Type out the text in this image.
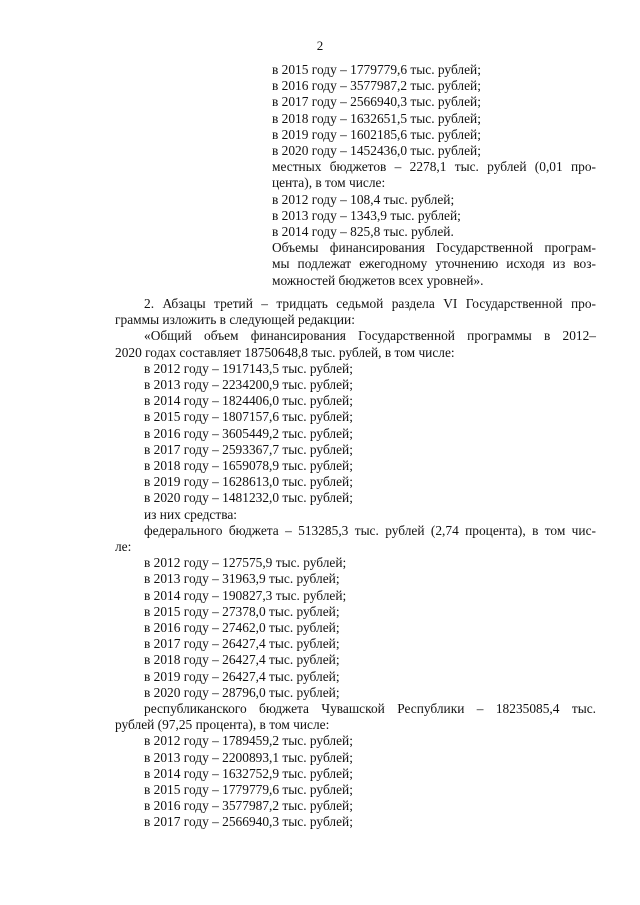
2
в 2015 году – 1779779,6 тыс. рублей;
в 2016 году – 3577987,2 тыс. рублей;
в 2017 году – 2566940,3 тыс. рублей;
в 2018 году – 1632651,5 тыс. рублей;
в 2019 году – 1602185,6 тыс. рублей;
в 2020 году – 1452436,0 тыс. рублей;
местных бюджетов – 2278,1 тыс. рублей (0,01 про-
цента), в том числе:
в 2012 году – 108,4 тыс. рублей;
в 2013 году – 1343,9 тыс. рублей;
в 2014 году – 825,8 тыс. рублей.
Объемы финансирования Государственной програм-
мы подлежат ежегодному уточнению исходя из воз-
можностей бюджетов всех уровней».
2. Абзацы третий – тридцать седьмой раздела VI Государственной про-
граммы изложить в следующей редакции:
«Общий объем финансирования Государственной программы в 2012–
2020 годах составляет 18750648,8 тыс. рублей, в том числе:
в 2012 году – 1917143,5 тыс. рублей;
в 2013 году – 2234200,9 тыс. рублей;
в 2014 году – 1824406,0 тыс. рублей;
в 2015 году – 1807157,6 тыс. рублей;
в 2016 году – 3605449,2 тыс. рублей;
в 2017 году – 2593367,7 тыс. рублей;
в 2018 году – 1659078,9 тыс. рублей;
в 2019 году – 1628613,0 тыс. рублей;
в 2020 году – 1481232,0 тыс. рублей;
из них средства:
федерального бюджета – 513285,3 тыс. рублей (2,74 процента), в том чис-
ле:
в 2012 году – 127575,9 тыс. рублей;
в 2013 году – 31963,9 тыс. рублей;
в 2014 году – 190827,3 тыс. рублей;
в 2015 году – 27378,0 тыс. рублей;
в 2016 году – 27462,0 тыс. рублей;
в 2017 году – 26427,4 тыс. рублей;
в 2018 году – 26427,4 тыс. рублей;
в 2019 году – 26427,4 тыс. рублей;
в 2020 году – 28796,0 тыс. рублей;
республиканского бюджета Чувашской Республики – 18235085,4 тыс.
рублей (97,25 процента), в том числе:
в 2012 году – 1789459,2 тыс. рублей;
в 2013 году – 2200893,1 тыс. рублей;
в 2014 году – 1632752,9 тыс. рублей;
в 2015 году – 1779779,6 тыс. рублей;
в 2016 году – 3577987,2 тыс. рублей;
в 2017 году – 2566940,3 тыс. рублей;
